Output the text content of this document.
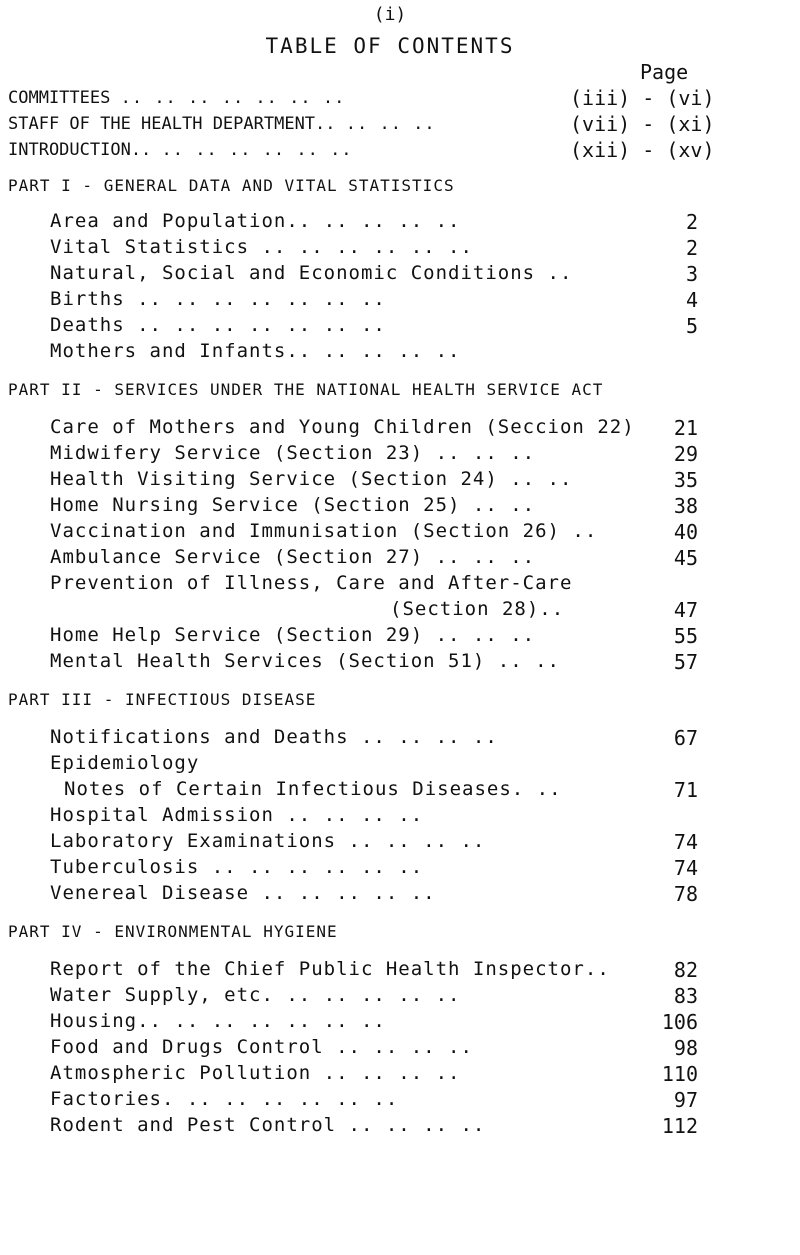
(i)
TABLE OF CONTENTS
Page
COMMITTEES .. .. .. .. .. .. ..	(iii) - (vi)
STAFF OF THE HEALTH DEPARTMENT.. .. .. ..	(vii) - (xi)
INTRODUCTION.. .. .. .. .. .. ..	(xii) - (xv)
PART I - GENERAL DATA AND VITAL STATISTICS
Area and Population.. .. .. .. ..	2
Vital Statistics .. .. .. .. .. ..	2
Natural, Social and Economic Conditions ..	3
Births .. .. .. .. .. .. ..	4
Deaths .. .. .. .. .. .. ..	5
Mothers and Infants.. .. .. .. ..
PART II - SERVICES UNDER THE NATIONAL HEALTH SERVICE ACT
Care of Mothers and Young Children (Seccion 22)	21
Midwifery Service (Section 23) .. .. ..	29
Health Visiting Service (Section 24) .. ..	35
Home Nursing Service (Section 25) .. ..	38
Vaccination and Immunisation (Section 26) ..	40
Ambulance Service (Section 27) .. .. ..	45
Prevention of Illness, Care and After-Care
(Section 28)..	47
Home Help Service (Section 29) .. .. ..	55
Mental Health Services (Section 51) .. ..	57
PART III - INFECTIOUS DISEASE
Notifications and Deaths .. .. .. ..	67
Epidemiology
Notes of Certain Infectious Diseases. ..	71
Hospital Admission .. .. .. ..
Laboratory Examinations .. .. .. ..	74
Tuberculosis .. .. .. .. .. ..	74
Venereal Disease .. .. .. .. ..	78
PART IV - ENVIRONMENTAL HYGIENE
Report of the Chief Public Health Inspector..	82
Water Supply, etc. .. .. .. .. ..	83
Housing.. .. .. .. .. .. ..	106
Food and Drugs Control .. .. .. ..	98
Atmospheric Pollution .. .. .. ..	110
Factories. .. .. .. .. .. ..	97
Rodent and Pest Control .. .. .. ..	112
